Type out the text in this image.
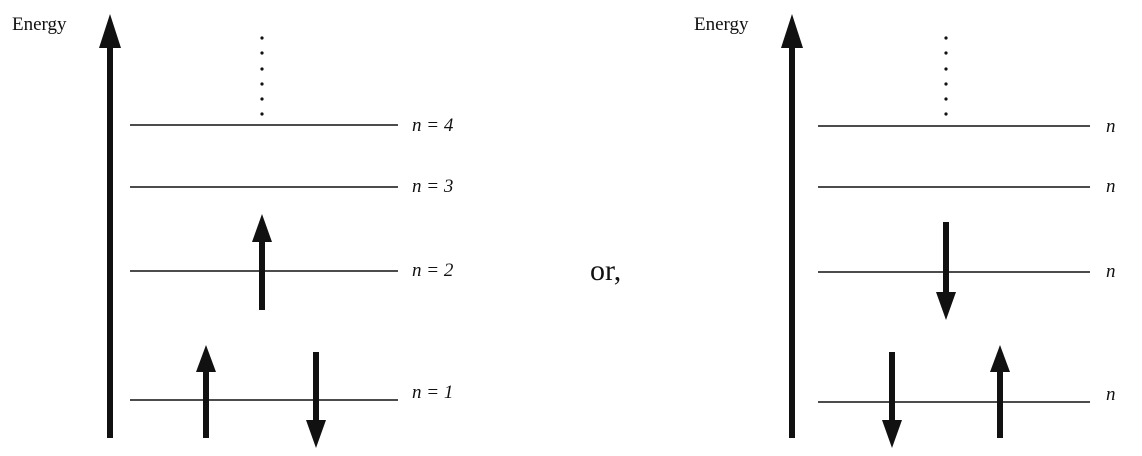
Energy
n = 4
n = 3
n = 2
n = 1
or,
Energy
n
n
n
n
